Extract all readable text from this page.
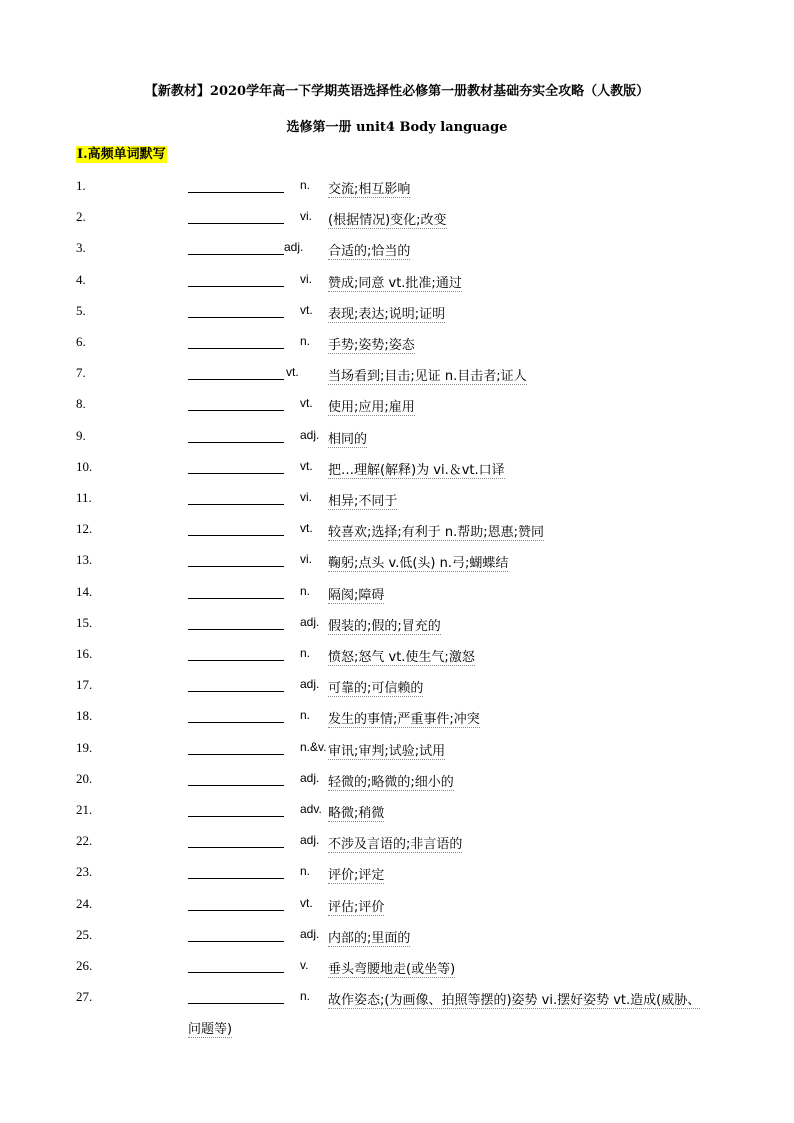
【新教材】2020学年高一下学期英语选择性必修第一册教材基础夯实全攻略（人教版）
选修第一册 unit4 Body language
I.高频单词默写
1.	n. 交流;相互影响
2.	vi. (根据情况)变化;改变
3.	adj. 合适的;恰当的
4.	vi. 赞成;同意 vt.批准;通过
5.	vt. 表现;表达;说明;证明
6.	n. 手势;姿势;姿态
7.	vt. 当场看到;目击;见证 n.目击者;证人
8.	vt. 使用;应用;雇用
9.	adj. 相同的
10.	vt. 把…理解(解释)为 vi.＆vt.口译
11.	vi. 相异;不同于
12.	vt. 较喜欢;选择;有利于 n.帮助;恩惠;赞同
13.	vi. 鞠躬;点头 v.低(头) n.弓;蝴蝶结
14.	n. 隔阂;障碍
15.	adj. 假装的;假的;冒充的
16.	n. 愤怒;怒气 vt.使生气;激怒
17.	adj. 可靠的;可信赖的
18.	n. 发生的事情;严重事件;冲突
19.	n.&v. 审讯;审判;试验;试用
20.	adj. 轻微的;略微的;细小的
21.	adv. 略微;稍微
22.	adj. 不涉及言语的;非言语的
23.	n. 评价;评定
24.	vt. 评估;评价
25.	adj. 内部的;里面的
26.	v. 垂头弯腰地走(或坐等)
27.	n. 故作姿态;(为画像、拍照等摆的)姿势 vi.摆好姿势 vt.造成(威胁、
问题等)
